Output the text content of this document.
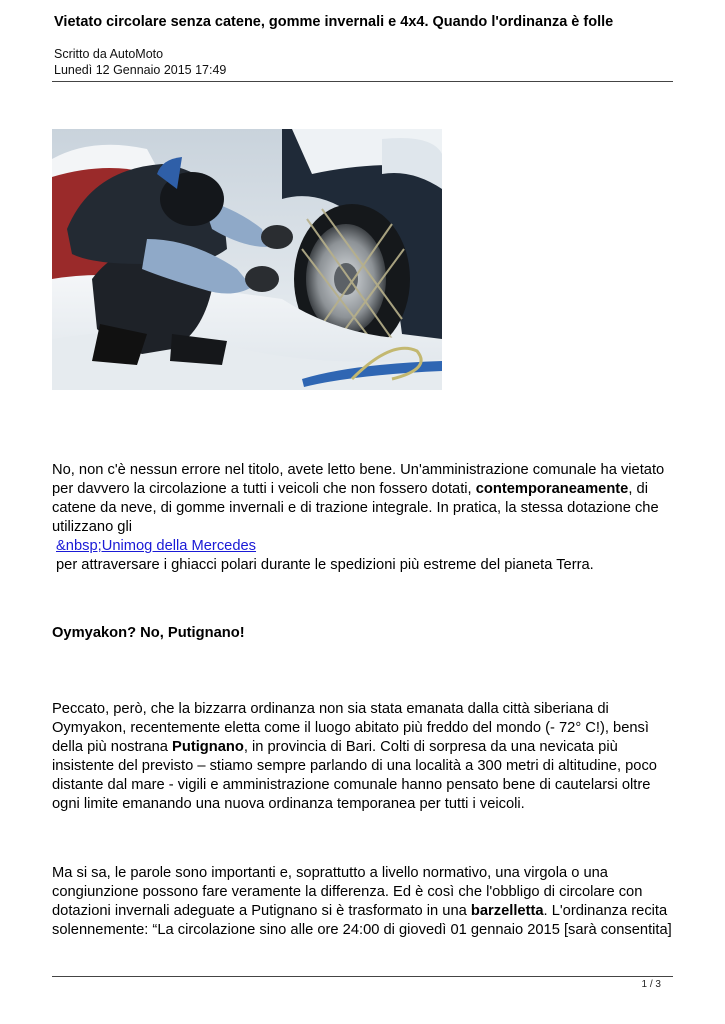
Vietato circolare senza catene, gomme invernali e 4x4. Quando l'ordinanza è folle
Scritto da AutoMoto
Lunedì 12 Gennaio 2015 17:49

No, non c'è nessun errore nel titolo, avete letto bene. Un'amministrazione comunale ha vietato per davvero la circolazione a tutti i veicoli che non fossero dotati, contemporaneamente, di catene da neve, di gomme invernali e di trazione integrale. In pratica, la stessa dotazione che utilizzano gli
&nbsp;Unimog della Mercedes
per attraversare i ghiacci polari durante le spedizioni più estreme del pianeta Terra.

Oymyakon? No, Putignano!

Peccato, però, che la bizzarra ordinanza non sia stata emanata dalla città siberiana di Oymyakon, recentemente eletta come il luogo abitato più freddo del mondo (- 72° C!), bensì della più nostrana Putignano, in provincia di Bari. Colti di sorpresa da una nevicata più insistente del previsto – stiamo sempre parlando di una località a 300 metri di altitudine, poco distante dal mare - vigili e amministrazione comunale hanno pensato bene di cautelarsi oltre ogni limite emanando una nuova ordinanza temporanea per tutti i veicoli.

Ma si sa, le parole sono importanti e, soprattutto a livello normativo, una virgola o una congiunzione possono fare veramente la differenza. Ed è così che l'obbligo di circolare con dotazioni invernali adeguate a Putignano si è trasformato in una barzelletta. L'ordinanza recita solennemente: “La circolazione sino alle ore 24:00 di giovedì 01 gennaio 2015 [sarà consentita]

1 / 3
